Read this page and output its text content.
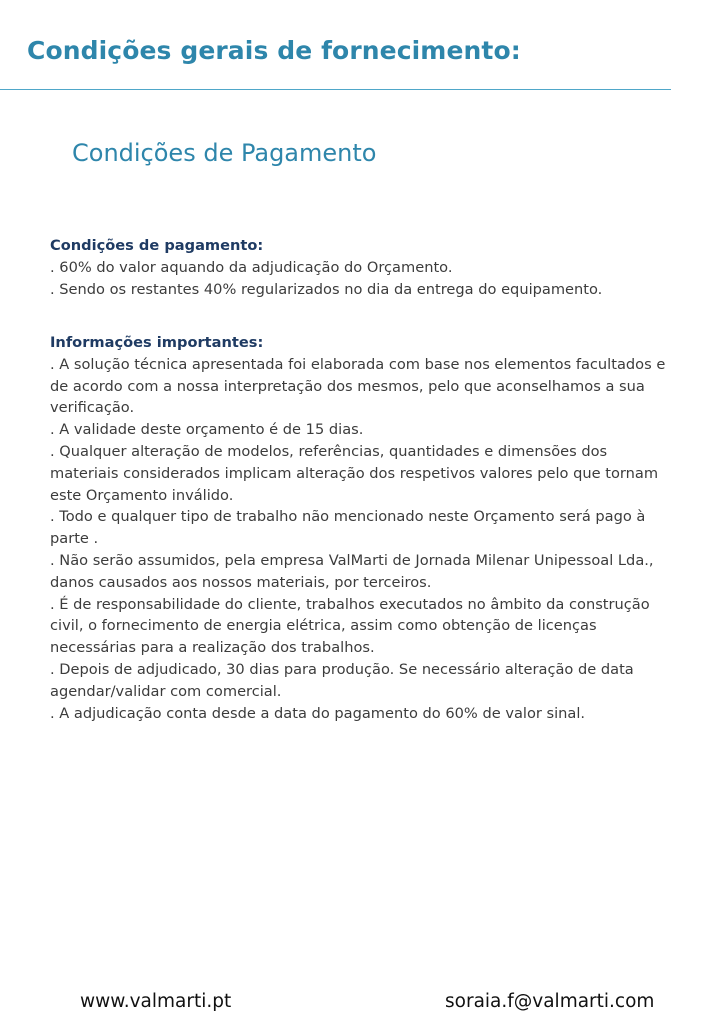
Condições gerais de fornecimento:
Condições de Pagamento
Condições de pagamento:
. 60% do valor aquando da adjudicação do Orçamento.
. Sendo os restantes 40% regularizados no dia da entrega do equipamento.
Informações importantes:
. A solução técnica apresentada foi elaborada com base nos elementos facultados e de acordo com a nossa interpretação dos mesmos, pelo que aconselhamos a sua verificação.
. A validade deste orçamento é de 15 dias.
. Qualquer alteração de modelos, referências, quantidades e dimensões dos materiais considerados implicam alteração dos respetivos valores pelo que tornam este Orçamento inválido.
. Todo e qualquer tipo de trabalho não mencionado neste Orçamento será pago à parte .
. Não serão assumidos, pela empresa ValMarti de Jornada Milenar Unipessoal Lda., danos causados aos nossos materiais, por terceiros.
. É de responsabilidade do cliente, trabalhos executados no âmbito da construção civil, o fornecimento de energia elétrica, assim como obtenção de licenças necessárias para a realização dos trabalhos.
. Depois de adjudicado, 30 dias para produção. Se necessário alteração de data agendar/validar com comercial.
. A adjudicação conta desde a data do pagamento do 60% de valor sinal.
www.valmarti.pt	soraia.f@valmarti.com
